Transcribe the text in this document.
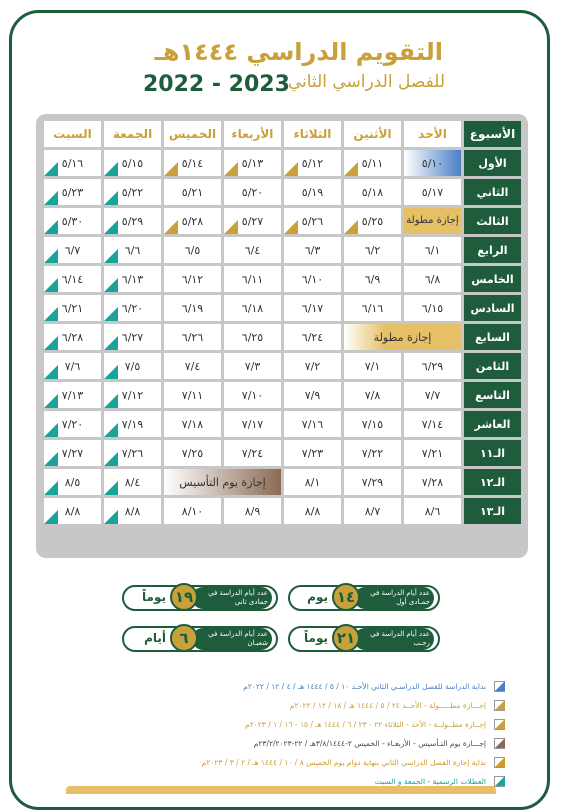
التقويم الدراسي ١٤٤٤هـ
للفصل الدراسي الثاني
2022 - 2023
الأسبوع	الأحد	الأثنين	الثلاثاء	الأربعاء	الخميس	الجمعة	السبت
الأول	٥/١٠	٥/١١	٥/١٢	٥/١٣	٥/١٤	٥/١٥	٥/١٦
الثاني	٥/١٧	٥/١٨	٥/١٩	٥/٢٠	٥/٢١	٥/٢٢	٥/٢٣
الثالث	إجازة مطولة	٥/٢٥	٥/٢٦	٥/٢٧	٥/٢٨	٥/٢٩	٥/٣٠
الرابع	٦/١	٦/٢	٦/٣	٦/٤	٦/٥	٦/٦	٦/٧
الخامس	٦/٨	٦/٩	٦/١٠	٦/١١	٦/١٢	٦/١٣	٦/١٤
السادس	٦/١٥	٦/١٦	٦/١٧	٦/١٨	٦/١٩	٦/٢٠	٦/٢١
السابع	إجازة مطولة		٦/٢٤	٦/٢٥	٦/٢٦	٦/٢٧	٦/٢٨
الثامن	٦/٢٩	٧/١	٧/٢	٧/٣	٧/٤	٧/٥	٧/٦
التاسع	٧/٧	٧/٨	٧/٩	٧/١٠	٧/١١	٧/١٢	٧/١٣
العاشر	٧/١٤	٧/١٥	٧/١٦	٧/١٧	٧/١٨	٧/١٩	٧/٢٠
الـ١١	٧/٢١	٧/٢٢	٧/٢٣	٧/٢٤	٧/٢٥	٧/٢٦	٧/٢٧
الـ١٢	٧/٢٨	٧/٢٩	٨/١	إجازة يوم التأسيس		٨/٤	٨/٥
الـ١٣	٨/٦	٨/٧	٨/٨	٨/٩	٨/١٠	٨/٨	٨/٨
عدد أيام الدراسة في جمـادى أول
١٤
يوم
عدد أيام الدراسة في جمادى ثاني
١٩
يوماً
عدد أيام الدراسة في رجـب
٢١
يوماً
عدد أيام الدراسة في شعبـان
٦
أيام
بداية الدراسة للفصل الدراسـي الثاني الأحـد ١٠ / ٥ / ١٤٤٤ هـ / ٤ / ١٢ / ٢٠٢٢م
إجـــازة مطـــــولة - الأحــد ٢٤ / ٥ / ١٤٤٤ هـ / ١٨ / ١٢ / ٢٠٢٢م
إجــازة مطــولــة - الأحد - الثلاثاء ٢٢ - ٢٣ / ٦ / ١٤٤٤ هـ / ١٥ - ١٦ / ١ / ٢٠٢٣م
إجـــازة يوم التـأسيس - الأربعـاء - الخميس ٢-٣/٨/١٤٤٤هـ / ٢٢-٢٣/٢/٢٠٢٣م
بداية إجازة الفصل الدراسي الثاني بنهاية دوام يوم الخميس ٨ / ١٠ / ١٤٤٤ هـ / ٢ / ٣ / ٢٠٢٣م
العطلات الرسمية - الجمعة و السبت
